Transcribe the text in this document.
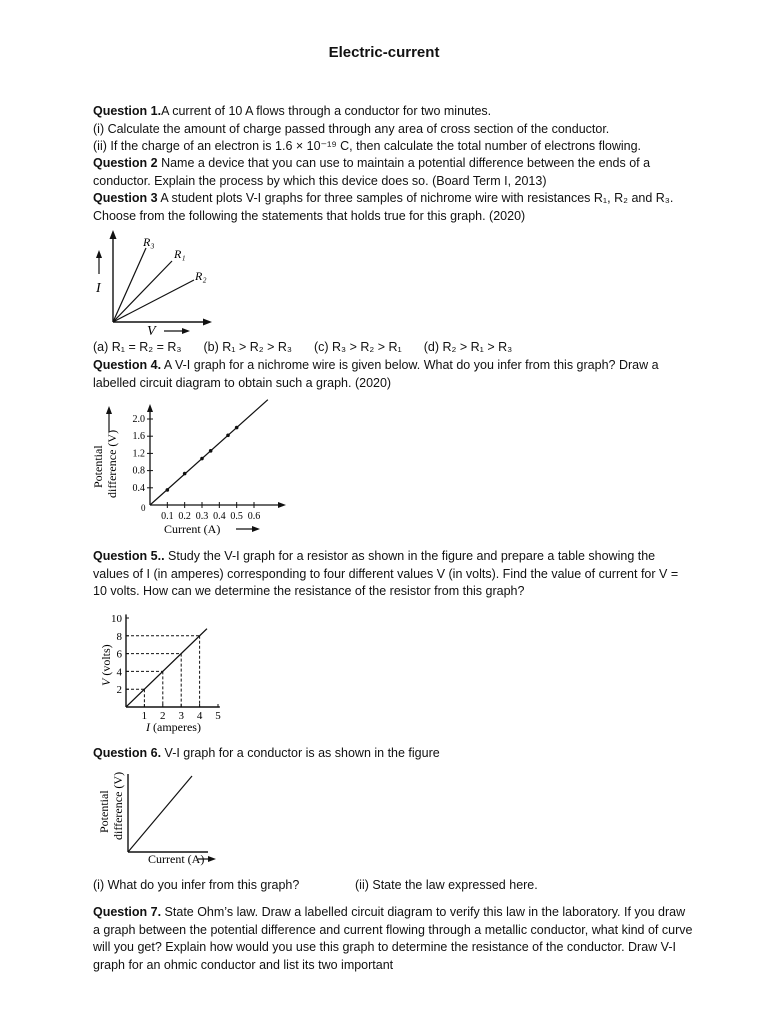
Electric-current

Question 1.A current of 10 A flows through a conductor for two minutes.

(i) Calculate the amount of charge passed through any area of cross section of the conductor.

(ii) If the charge of an electron is 1.6 × 10⁻¹⁹ C, then calculate the total number of electrons flowing.

Question 2 Name a device that you can use to maintain a potential difference between the ends of a conductor. Explain the process by which this device does so. (Board Term I, 2013)

Question 3 A student plots V-I graphs for three samples of nichrome wire with resistances R₁, R₂ and R₃. Choose from the following the statements that holds true for this graph. (2020)

I
R₃
R₁
R₂
V
(a) R₁ = R₂ = R₃ (b) R₁ > R₂ > R₃ (c) R₃ > R₂ > R₁ (d) R₂ > R₁ > R₃

Question 4. A V-I graph for a nichrome wire is given below. What do you infer from this graph? Draw a labelled circuit diagram to obtain such a graph. (2020)

Potential difference (V) 0.4
0.8
1.2
1.6
2.0
0.1 0.2 0.3 0.4 0.5 0.6
0
Current (A)

Question 5.. Study the V-I graph for a resistor as shown in the figure and prepare a table showing the values of I (in amperes) corresponding to four different values V (in volts). Find the value of current for V = 10 volts. How can we determine the resistance of the resistor from this graph?

V (volts)
I (amperes)
2
4
6
8
10
1 2 3 4 5

Question 6. V-I graph for a conductor is as shown in the figure

Potential difference (V)
Current (A)
(i) What do you infer from this graph?	(ii) State the law expressed here.

Question 7. State Ohm’s law. Draw a labelled circuit diagram to verify this law in the laboratory. If you draw a graph between the potential difference and current flowing through a metallic conductor, what kind of curve will you get? Explain how would you use this graph to determine the resistance of the conductor. Draw V-I graph for an ohmic conductor and list its two important
